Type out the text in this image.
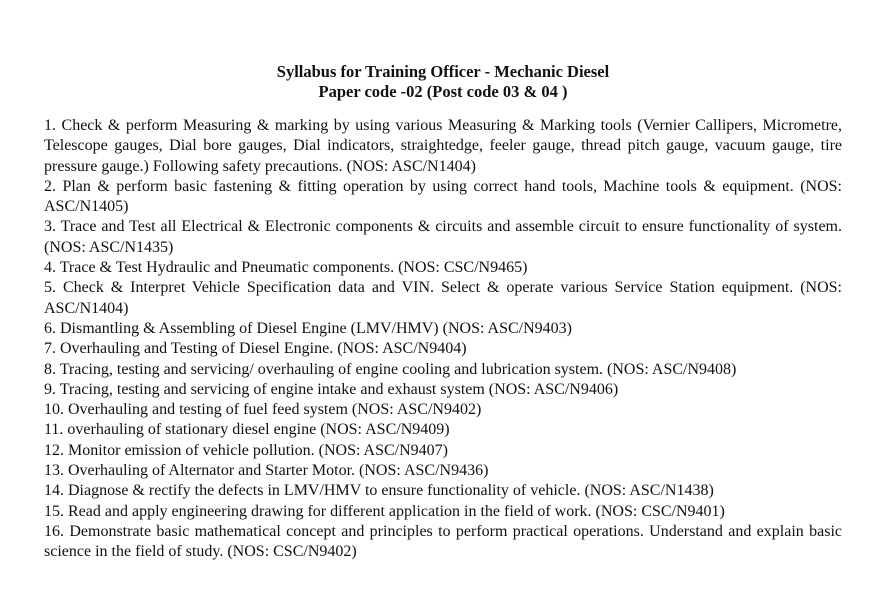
Syllabus for Training Officer - Mechanic Diesel

Paper code -02 (Post code 03 & 04 )

1. Check & perform Measuring & marking by using various Measuring & Marking tools (Vernier Callipers, Micrometre, Telescope gauges, Dial bore gauges, Dial indicators, straightedge, feeler gauge, thread pitch gauge, vacuum gauge, tire pressure gauge.) Following safety precautions. (NOS: ASC/N1404)

2. Plan & perform basic fastening & fitting operation by using correct hand tools, Machine tools & equipment. (NOS: ASC/N1405)

3. Trace and Test all Electrical & Electronic components & circuits and assemble circuit to ensure functionality of system. (NOS: ASC/N1435)

4. Trace & Test Hydraulic and Pneumatic components. (NOS: CSC/N9465)

5. Check & Interpret Vehicle Specification data and VIN. Select & operate various Service Station equipment. (NOS: ASC/N1404)

6. Dismantling & Assembling of Diesel Engine (LMV/HMV) (NOS: ASC/N9403)

7. Overhauling and Testing of Diesel Engine. (NOS: ASC/N9404)

8. Tracing, testing and servicing/ overhauling of engine cooling and lubrication system. (NOS: ASC/N9408)

9. Tracing, testing and servicing of engine intake and exhaust system (NOS: ASC/N9406)

10. Overhauling and testing of fuel feed system (NOS: ASC/N9402)

11. overhauling of stationary diesel engine (NOS: ASC/N9409)

12. Monitor emission of vehicle pollution. (NOS: ASC/N9407)

13. Overhauling of Alternator and Starter Motor. (NOS: ASC/N9436)

14. Diagnose & rectify the defects in LMV/HMV to ensure functionality of vehicle. (NOS: ASC/N1438)

15. Read and apply engineering drawing for different application in the field of work. (NOS: CSC/N9401)

16. Demonstrate basic mathematical concept and principles to perform practical operations. Understand and explain basic science in the field of study. (NOS: CSC/N9402)
